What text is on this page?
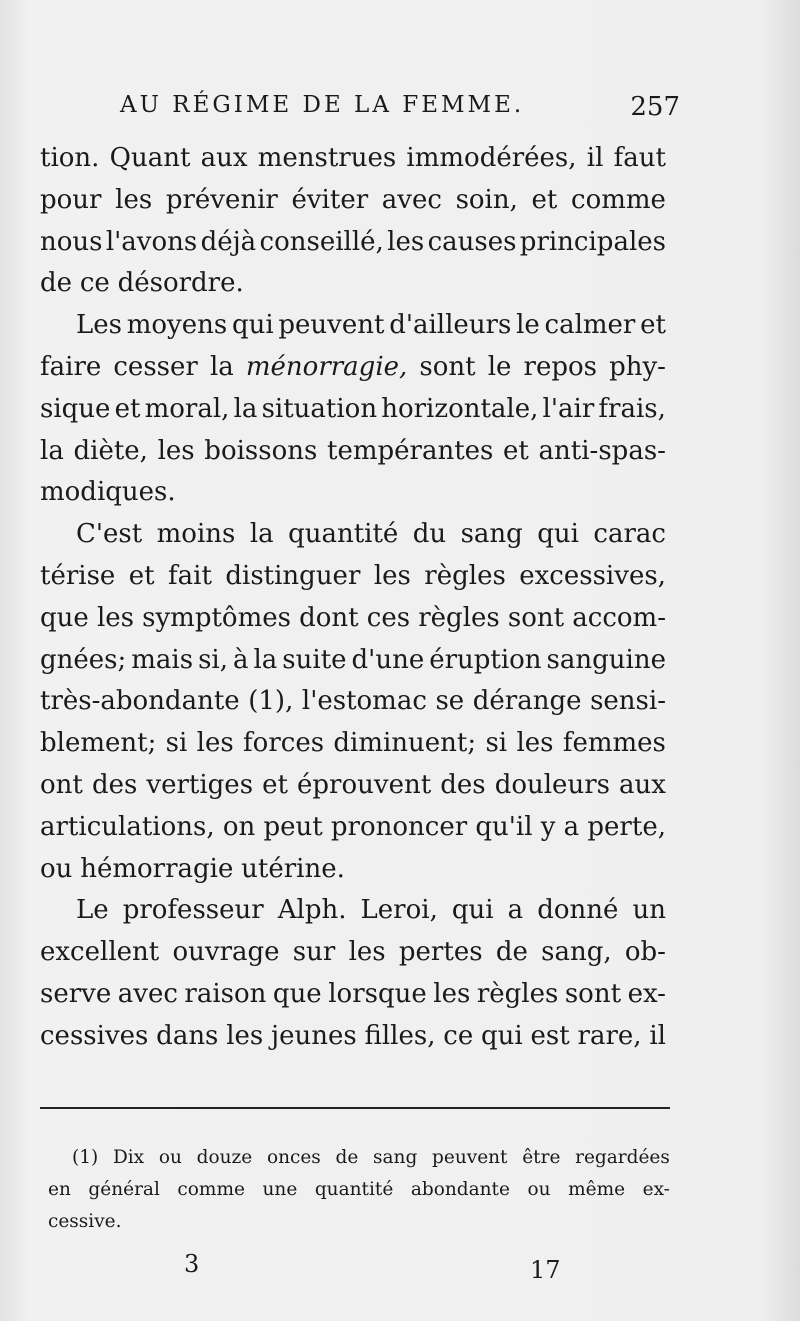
AU RÉGIME DE LA FEMME.	257
tion. Quant aux menstrues immodérées, il faut
pour les prévenir éviter avec soin, et comme
nous l'avons déjà conseillé, les causes principales
de ce désordre.
Les moyens qui peuvent d'ailleurs le calmer et
faire cesser la ménorragie, sont le repos phy-
sique et moral, la situation horizontale, l'air frais,
la diète, les boissons tempérantes et anti-spas-
modiques.
C'est moins la quantité du sang qui carac
térise et fait distinguer les règles excessives,
que les symptômes dont ces règles sont accom-
gnées; mais si, à la suite d'une éruption sanguine
très-abondante (1), l'estomac se dérange sensi-
blement; si les forces diminuent; si les femmes
ont des vertiges et éprouvent des douleurs aux
articulations, on peut prononcer qu'il y a perte,
ou hémorragie utérine.
Le professeur Alph. Leroi, qui a donné un
excellent ouvrage sur les pertes de sang, ob-
serve avec raison que lorsque les règles sont ex-
cessives dans les jeunes filles, ce qui est rare, il
(1) Dix ou douze onces de sang peuvent être regardées
en général comme une quantité abondante ou même ex-
cessive.
3	17
